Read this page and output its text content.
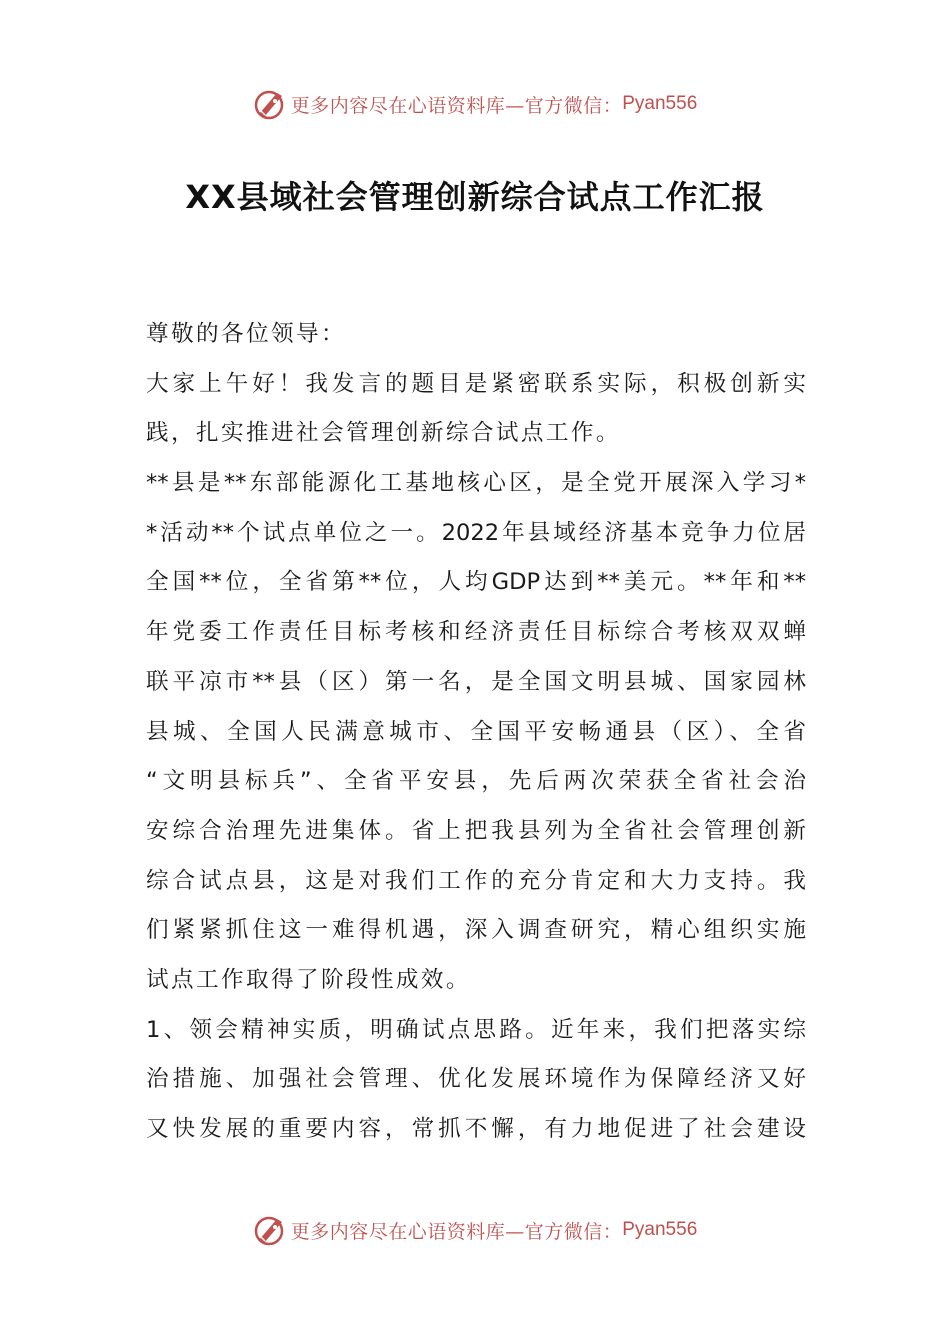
更多内容尽在心语资料库—官方微信： Pyan556
XX县域社会管理创新综合试点工作汇报
尊敬的各位领导：
大家上午好！我发言的题目是紧密联系实际，积极创新实
践，扎实推进社会管理创新综合试点工作。
**县是**东部能源化工基地核心区，是全党开展深入学习*
*活动**个试点单位之一。2022年县域经济基本竞争力位居
全国**位，全省第**位，人均GDP达到**美元。**年和**
年党委工作责任目标考核和经济责任目标综合考核双双蝉
联平凉市**县（区）第一名，是全国文明县城、国家园林
县城、全国人民满意城市、全国平安畅通县（区）、全省
“文明县标兵”、全省平安县，先后两次荣获全省社会治
安综合治理先进集体。省上把我县列为全省社会管理创新
综合试点县，这是对我们工作的充分肯定和大力支持。我
们紧紧抓住这一难得机遇，深入调查研究，精心组织实施
试点工作取得了阶段性成效。
1、领会精神实质，明确试点思路。近年来，我们把落实综
治措施、加强社会管理、优化发展环境作为保障经济又好
又快发展的重要内容，常抓不懈，有力地促进了社会建设
更多内容尽在心语资料库—官方微信： Pyan556
